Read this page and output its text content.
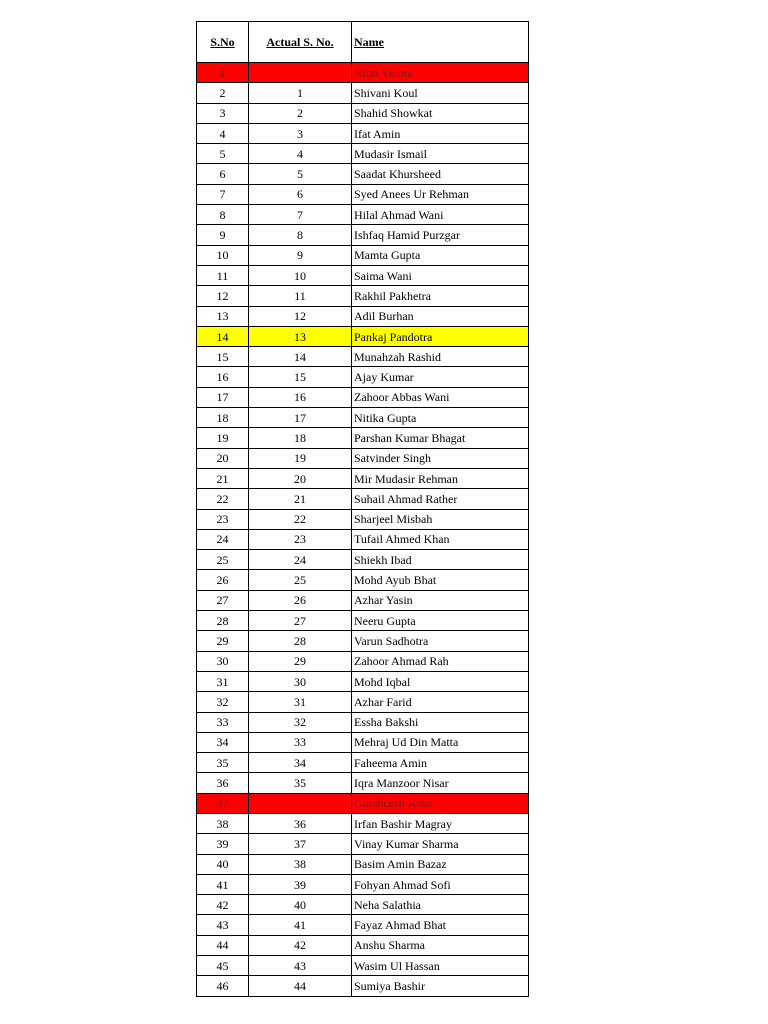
S.No	Actual S. No.	Name
1		Nitin Verma
2	1	Shivani Koul
3	2	Shahid Showkat
4	3	Ifat Amin
5	4	Mudasir Ismail
6	5	Saadat Khursheed
7	6	Syed Anees Ur Rehman
8	7	Hilal Ahmad Wani
9	8	Ishfaq Hamid Purzgar
10	9	Mamta Gupta
11	10	Saima Wani
12	11	Rakhil Pakhetra
13	12	Adil Burhan
14	13	Pankaj Pandotra
15	14	Munahzah Rashid
16	15	Ajay Kumar
17	16	Zahoor Abbas Wani
18	17	Nitika Gupta
19	18	Parshan Kumar Bhagat
20	19	Satvinder Singh
21	20	Mir Mudasir Rehman
22	21	Suhail Ahmad Rather
23	22	Sharjeel Misbah
24	23	Tufail Ahmed Khan
25	24	Shiekh Ibad
26	25	Mohd Ayub Bhat
27	26	Azhar Yasin
28	27	Neeru Gupta
29	28	Varun Sadhotra
30	29	Zahoor Ahmad Rah
31	30	Mohd Iqbal
32	31	Azhar Farid
33	32	Essha Bakshi
34	33	Mehraj Ud Din Matta
35	34	Faheema Amin
36	35	Iqra Manzoor Nisar
37		Gursheesh Kour
38	36	Irfan Bashir Magray
39	37	Vinay Kumar Sharma
40	38	Basim Amin Bazaz
41	39	Fohyan Ahmad Sofi
42	40	Neha Salathia
43	41	Fayaz Ahmad Bhat
44	42	Anshu Sharma
45	43	Wasim Ul Hassan
46	44	Sumiya Bashir
